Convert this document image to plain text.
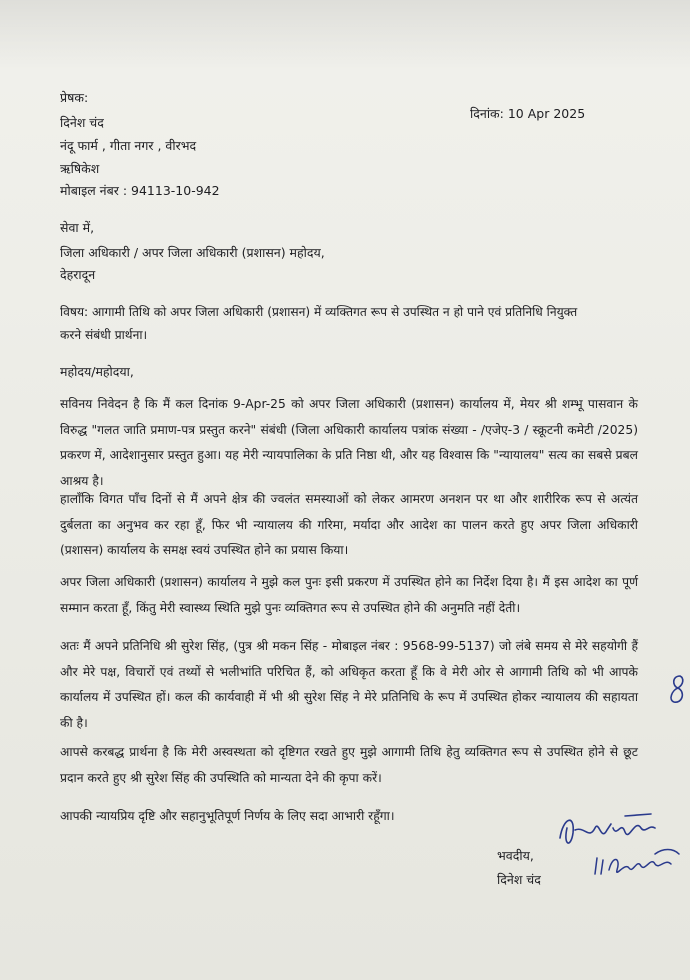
प्रेषक:
दिनेश चंद
नंदू फार्म , गीता नगर , वीरभद
ऋषिकेश
मोबाइल नंबर : 94113-10-942
दिनांक: 10 Apr 2025
सेवा में,
जिला अधिकारी / अपर जिला अधिकारी (प्रशासन) महोदय,
देहरादून
विषय: आगामी तिथि को अपर जिला अधिकारी (प्रशासन) में व्यक्तिगत रूप से उपस्थित न हो पाने एवं प्रतिनिधि नियुक्त
करने संबंधी प्रार्थना।
महोदय/महोदया,
सविनय निवेदन है कि मैं कल दिनांक 9-Apr-25 को अपर जिला अधिकारी (प्रशासन) कार्यालय में, मेयर श्री शम्भू पासवान के विरुद्ध "गलत जाति प्रमाण-पत्र प्रस्तुत करने" संबंधी (जिला अधिकारी कार्यालय पत्रांक संख्या - /एजेए-3 / स्क्रूटनी कमेटी /2025) प्रकरण में, आदेशानुसार प्रस्तुत हुआ। यह मेरी न्यायपालिका के प्रति निष्ठा थी, और यह विश्वास कि "न्यायालय" सत्य का सबसे प्रबल आश्रय है।
हालाँकि विगत पाँच दिनों से मैं अपने क्षेत्र की ज्वलंत समस्याओं को लेकर आमरण अनशन पर था और शारीरिक रूप से अत्यंत दुर्बलता का अनुभव कर रहा हूँ, फिर भी न्यायालय की गरिमा, मर्यादा और आदेश का पालन करते हुए अपर जिला अधिकारी (प्रशासन) कार्यालय के समक्ष स्वयं उपस्थित होने का प्रयास किया।
अपर जिला अधिकारी (प्रशासन) कार्यालय ने मुझे कल पुनः इसी प्रकरण में उपस्थित होने का निर्देश दिया है। मैं इस आदेश का पूर्ण सम्मान करता हूँ, किंतु मेरी स्वास्थ्य स्थिति मुझे पुनः व्यक्तिगत रूप से उपस्थित होने की अनुमति नहीं देती।
अतः मैं अपने प्रतिनिधि श्री सुरेश सिंह, (पुत्र श्री मकन सिंह - मोबाइल नंबर : 9568-99-5137) जो लंबे समय से मेरे सहयोगी हैं और मेरे पक्ष, विचारों एवं तथ्यों से भलीभांति परिचित हैं, को अधिकृत करता हूँ कि वे मेरी ओर से आगामी तिथि को भी आपके कार्यालय में उपस्थित हों। कल की कार्यवाही में भी श्री सुरेश सिंह ने मेरे प्रतिनिधि के रूप में उपस्थित होकर न्यायालय की सहायता की है।
आपसे करबद्ध प्रार्थना है कि मेरी अस्वस्थता को दृष्टिगत रखते हुए मुझे आगामी तिथि हेतु व्यक्तिगत रूप से उपस्थित होने से छूट प्रदान करते हुए श्री सुरेश सिंह की उपस्थिति को मान्यता देने की कृपा करें।
आपकी न्यायप्रिय दृष्टि और सहानुभूतिपूर्ण निर्णय के लिए सदा आभारी रहूँगा।
भवदीय,
दिनेश चंद
